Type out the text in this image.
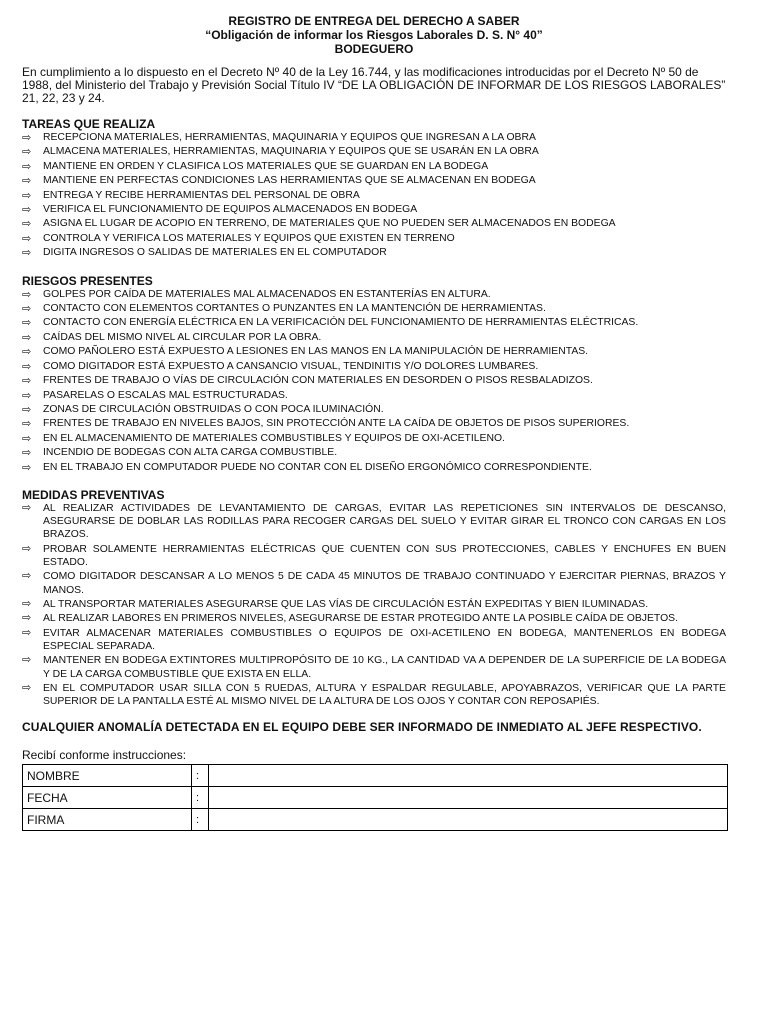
REGISTRO DE ENTREGA DEL DERECHO A SABER
“Obligación de informar los Riesgos Laborales D. S. N° 40”
BODEGUERO

En cumplimiento a lo dispuesto en el Decreto Nº 40 de la Ley 16.744, y las modificaciones introducidas por el Decreto Nº 50 de 1988, del Ministerio del Trabajo y Previsión Social Título IV “DE LA OBLIGACIÓN DE INFORMAR DE LOS RIESGOS LABORALES” 21, 22, 23 y 24.

TAREAS QUE REALIZA
⇨ RECEPCIONA MATERIALES, HERRAMIENTAS, MAQUINARIA Y EQUIPOS QUE INGRESAN A LA OBRA
⇨ ALMACENA MATERIALES, HERRAMIENTAS, MAQUINARIA Y EQUIPOS QUE SE USARÁN EN LA OBRA
⇨ MANTIENE EN ORDEN Y CLASIFICA LOS MATERIALES QUE SE GUARDAN EN LA BODEGA
⇨ MANTIENE EN PERFECTAS CONDICIONES LAS HERRAMIENTAS QUE SE ALMACENAN EN BODEGA
⇨ ENTREGA Y RECIBE HERRAMIENTAS DEL PERSONAL DE OBRA
⇨ VERIFICA EL FUNCIONAMIENTO DE EQUIPOS ALMACENADOS EN BODEGA
⇨ ASIGNA EL LUGAR DE ACOPIO EN TERRENO, DE MATERIALES QUE NO PUEDEN SER ALMACENADOS EN BODEGA
⇨ CONTROLA Y VERIFICA LOS MATERIALES Y EQUIPOS QUE EXISTEN EN TERRENO
⇨ DIGITA INGRESOS O SALIDAS DE MATERIALES EN EL COMPUTADOR
RIESGOS PRESENTES
⇨ GOLPES POR CAÍDA DE MATERIALES MAL ALMACENADOS EN ESTANTERÍAS EN ALTURA.
⇨ CONTACTO CON ELEMENTOS CORTANTES O PUNZANTES EN LA MANTENCIÓN DE HERRAMIENTAS.
⇨ CONTACTO CON ENERGÍA ELÉCTRICA EN LA VERIFICACIÓN DEL FUNCIONAMIENTO DE HERRAMIENTAS ELÉCTRICAS.
⇨ CAÍDAS DEL MISMO NIVEL AL CIRCULAR POR LA OBRA.
⇨ COMO PAÑOLERO ESTÁ EXPUESTO A LESIONES EN LAS MANOS EN LA MANIPULACIÓN DE HERRAMIENTAS.
⇨ COMO DIGITADOR ESTÁ EXPUESTO A CANSANCIO VISUAL, TENDINITIS Y/O DOLORES LUMBARES.
⇨ FRENTES DE TRABAJO O VÍAS DE CIRCULACIÓN CON MATERIALES EN DESORDEN O PISOS RESBALADIZOS.
⇨ PASARELAS O ESCALAS MAL ESTRUCTURADAS.
⇨ ZONAS DE CIRCULACIÓN OBSTRUIDAS O CON POCA ILUMINACIÓN.
⇨ FRENTES DE TRABAJO EN NIVELES BAJOS, SIN PROTECCIÓN ANTE LA CAÍDA DE OBJETOS DE PISOS SUPERIORES.
⇨ EN EL ALMACENAMIENTO DE MATERIALES COMBUSTIBLES Y EQUIPOS DE OXI-ACETILENO.
⇨ INCENDIO DE BODEGAS CON ALTA CARGA COMBUSTIBLE.
⇨ EN EL TRABAJO EN COMPUTADOR PUEDE NO CONTAR CON EL DISEÑO ERGONÓMICO CORRESPONDIENTE.
MEDIDAS PREVENTIVAS
⇨ AL REALIZAR ACTIVIDADES DE LEVANTAMIENTO DE CARGAS, EVITAR LAS REPETICIONES SIN INTERVALOS DE DESCANSO, ASEGURARSE DE DOBLAR LAS RODILLAS PARA RECOGER CARGAS DEL SUELO Y EVITAR GIRAR EL TRONCO CON CARGAS EN LOS BRAZOS.
⇨ PROBAR SOLAMENTE HERRAMIENTAS ELÉCTRICAS QUE CUENTEN CON SUS PROTECCIONES, CABLES Y ENCHUFES EN BUEN ESTADO.
⇨ COMO DIGITADOR DESCANSAR A LO MENOS 5 DE CADA 45 MINUTOS DE TRABAJO CONTINUADO Y EJERCITAR PIERNAS, BRAZOS Y MANOS.
⇨ AL TRANSPORTAR MATERIALES ASEGURARSE QUE LAS VÍAS DE CIRCULACIÓN ESTÁN EXPEDITAS Y BIEN ILUMINADAS.
⇨ AL REALIZAR LABORES EN PRIMEROS NIVELES, ASEGURARSE DE ESTAR PROTEGIDO ANTE LA POSIBLE CAÍDA DE OBJETOS.
⇨ EVITAR ALMACENAR MATERIALES COMBUSTIBLES O EQUIPOS DE OXI-ACETILENO EN BODEGA, MANTENERLOS EN BODEGA ESPECIAL SEPARADA.
⇨ MANTENER EN BODEGA EXTINTORES MULTIPROPÓSITO DE 10 KG., LA CANTIDAD VA A DEPENDER DE LA SUPERFICIE DE LA BODEGA Y DE LA CARGA COMBUSTIBLE QUE EXISTA EN ELLA.
⇨ EN EL COMPUTADOR USAR SILLA CON 5 RUEDAS, ALTURA Y ESPALDAR REGULABLE, APOYABRAZOS, VERIFICAR QUE LA PARTE SUPERIOR DE LA PANTALLA ESTÉ AL MISMO NIVEL DE LA ALTURA DE LOS OJOS Y CONTAR CON REPOSAPIÉS.
CUALQUIER ANOMALÍA DETECTADA EN EL EQUIPO DEBE SER INFORMADO DE INMEDIATO AL JEFE RESPECTIVO.
Recibí conforme instrucciones:
NOMBRE	:	
FECHA	:	
FIRMA	:	
